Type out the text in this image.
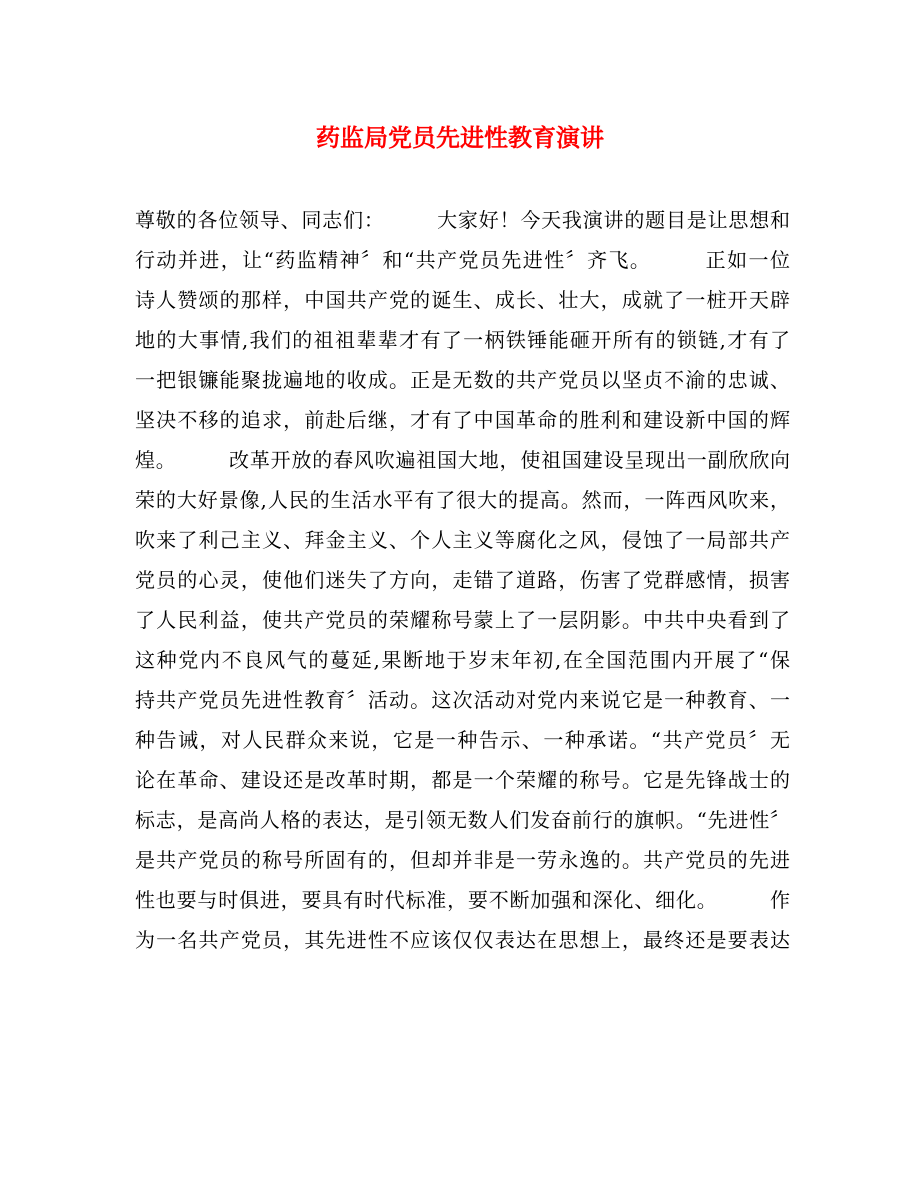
药监局党员先进性教育演讲
尊敬的各位领导、同志们：　　　大家好！今天我演讲的题目是让思想和
行动并进，让“药监精神〞和“共产党员先进性〞齐飞。　　　正如一位
诗人赞颂的那样，中国共产党的诞生、成长、壮大，成就了一桩开天辟
地的大事情,我们的祖祖辈辈才有了一柄铁锤能砸开所有的锁链,才有了
一把银镰能聚拢遍地的收成。正是无数的共产党员以坚贞不渝的忠诚、
坚决不移的追求，前赴后继，才有了中国革命的胜利和建设新中国的辉
煌。　　　改革开放的春风吹遍祖国大地，使祖国建设呈现出一副欣欣向
荣的大好景像,人民的生活水平有了很大的提高。然而，一阵西风吹来，
吹来了利己主义、拜金主义、个人主义等腐化之风，侵蚀了一局部共产
党员的心灵，使他们迷失了方向，走错了道路，伤害了党群感情，损害
了人民利益，使共产党员的荣耀称号蒙上了一层阴影。中共中央看到了
这种党内不良风气的蔓延,果断地于岁末年初,在全国范围内开展了“保
持共产党员先进性教育〞活动。这次活动对党内来说它是一种教育、一
种告诫，对人民群众来说，它是一种告示、一种承诺。“共产党员〞无
论在革命、建设还是改革时期，都是一个荣耀的称号。它是先锋战士的
标志，是高尚人格的表达，是引领无数人们发奋前行的旗帜。“先进性〞
是共产党员的称号所固有的，但却并非是一劳永逸的。共产党员的先进
性也要与时俱进，要具有时代标准，要不断加强和深化、细化。　　　作
为一名共产党员，其先进性不应该仅仅表达在思想上，最终还是要表达
